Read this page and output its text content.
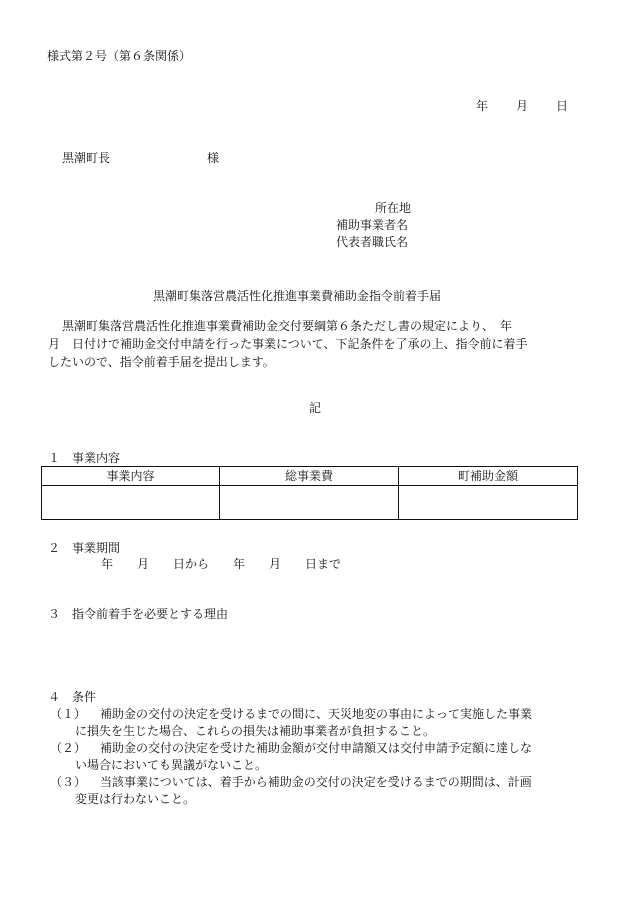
様式第２号（第６条関係）
年 月 日
黒潮町長	様
所在地
補助事業者名
代表者職氏名
黒潮町集落営農活性化推進事業費補助金指令前着手届
黒潮町集落営農活性化推進事業費補助金交付要綱第６条ただし書の規定により、　年
月　日付けで補助金交付申請を行った事業について、下記条件を了承の上、指令前に着手
したいので、指令前着手届を提出します。
記
１　事業内容
事業内容	総事業費	町補助金額

２　事業期間
年　　月　　日から　　年　　月　　日まで
３　指令前着手を必要とする理由
４　条件
（１） 補助金の交付の決定を受けるまでの間に、天災地変の事由によって実施した事業
に損失を生じた場合、これらの損失は補助事業者が負担すること。
（２） 補助金の交付の決定を受けた補助金額が交付申請額又は交付申請予定額に達しな
い場合においても異議がないこと。
（３） 当該事業については、着手から補助金の交付の決定を受けるまでの期間は、計画
変更は行わないこと。
